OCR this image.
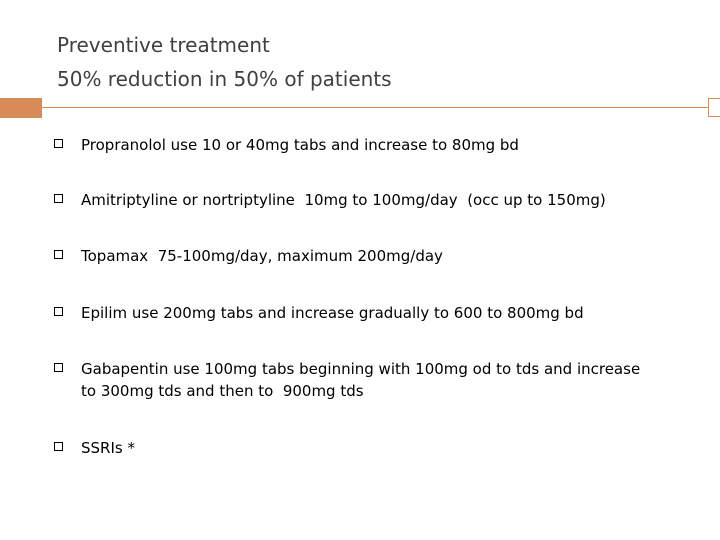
Preventive treatment
50% reduction in 50% of patients
Propranolol use 10 or 40mg tabs and increase to 80mg bd
Amitriptyline or nortriptyline  10mg to 100mg/day  (occ up to 150mg)
Topamax  75-100mg/day, maximum 200mg/day
Epilim use 200mg tabs and increase gradually to 600 to 800mg bd
Gabapentin use 100mg tabs beginning with 100mg od to tds and increase
to 300mg tds and then to  900mg tds
SSRIs *
